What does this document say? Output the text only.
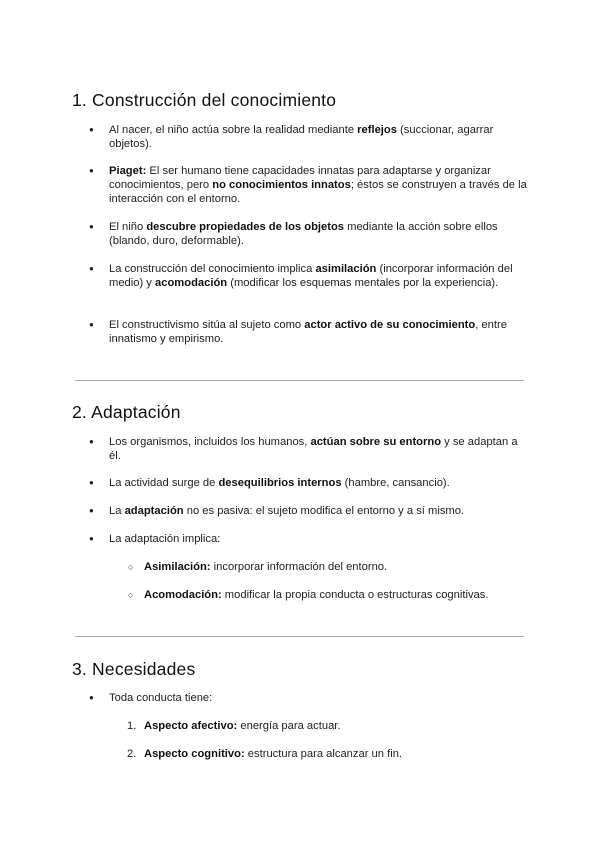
1. Construcción del conocimiento
● Al nacer, el niño actúa sobre la realidad mediante reflejos (succionar, agarrar objetos).
● Piaget: El ser humano tiene capacidades innatas para adaptarse y organizar conocimientos, pero no conocimientos innatos; éstos se construyen a través de la interacción con el entorno.
● El niño descubre propiedades de los objetos mediante la acción sobre ellos (blando, duro, deformable).
● La construcción del conocimiento implica asimilación (incorporar información del medio) y acomodación (modificar los esquemas mentales por la experiencia).
● El constructivismo sitúa al sujeto como actor activo de su conocimiento, entre innatismo y empirismo.
2. Adaptación
● Los organismos, incluidos los humanos, actúan sobre su entorno y se adaptan a él.
● La actividad surge de desequilibrios internos (hambre, cansancio).
● La adaptación no es pasiva: el sujeto modifica el entorno y a sí mismo.
● La adaptación implica:
○ Asimilación: incorporar información del entorno.
○ Acomodación: modificar la propia conducta o estructuras cognitivas.
3. Necesidades
● Toda conducta tiene:
1. Aspecto afectivo: energía para actuar.
2. Aspecto cognitivo: estructura para alcanzar un fin.
